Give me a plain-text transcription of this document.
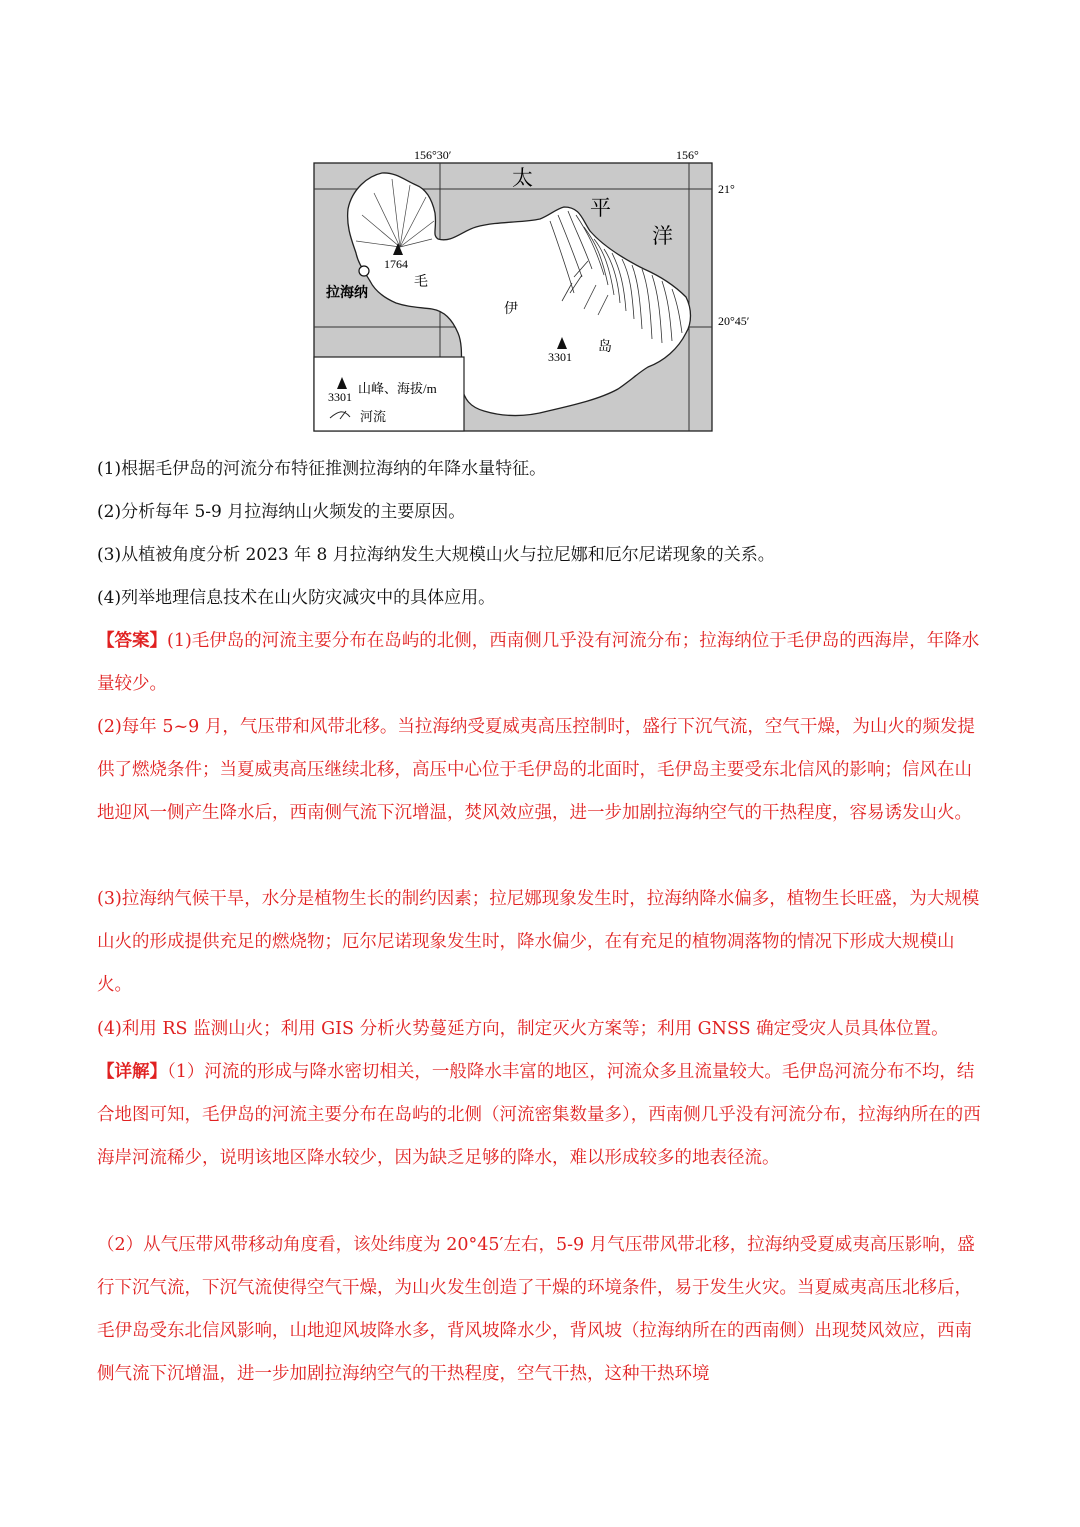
3301
山峰、海拔/m
河流
1764
3301
拉海纳
毛
伊
岛
太
平
洋
156°30′	156°
21°
20°45′
(1)根据毛伊岛的河流分布特征推测拉海纳的年降水量特征。
(2)分析每年 5-9 月拉海纳山火频发的主要原因。
(3)从植被角度分析 2023 年 8 月拉海纳发生大规模山火与拉尼娜和厄尔尼诺现象的关系。
(4)列举地理信息技术在山火防灾减灾中的具体应用。

【答案】(1)毛伊岛的河流主要分布在岛屿的北侧，西南侧几乎没有河流分布；拉海纳位于毛伊岛的西海岸，年降水量较少。

(2)每年 5~9 月，气压带和风带北移。当拉海纳受夏威夷高压控制时，盛行下沉气流，空气干燥，为山火的频发提供了燃烧条件；当夏威夷高压继续北移，高压中心位于毛伊岛的北面时，毛伊岛主要受东北信风的影响；信风在山地迎风一侧产生降水后，西南侧气流下沉增温，焚风效应强，进一步加剧拉海纳空气的干热程度，容易诱发山火。

(3)拉海纳气候干旱，水分是植物生长的制约因素；拉尼娜现象发生时，拉海纳降水偏多，植物生长旺盛，为大规模山火的形成提供充足的燃烧物；厄尔尼诺现象发生时，降水偏少，在有充足的植物凋落物的情况下形成大规模山火。

(4)利用 RS 监测山火；利用 GIS 分析火势蔓延方向，制定灭火方案等；利用 GNSS 确定受灾人员具体位置。

【详解】（1）河流的形成与降水密切相关，一般降水丰富的地区，河流众多且流量较大。毛伊岛河流分布不均，结合地图可知，毛伊岛的河流主要分布在岛屿的北侧（河流密集数量多），西南侧几乎没有河流分布，拉海纳所在的西海岸河流稀少，说明该地区降水较少，因为缺乏足够的降水，难以形成较多的地表径流。

（2）从气压带风带移动角度看，该处纬度为 20°45′左右，5-9 月气压带风带北移，拉海纳受夏威夷高压影响，盛行下沉气流，下沉气流使得空气干燥，为山火发生创造了干燥的环境条件，易于发生火灾。当夏威夷高压北移后，毛伊岛受东北信风影响，山地迎风坡降水多，背风坡降水少，背风坡（拉海纳所在的西南侧）出现焚风效应，西南侧气流下沉增温，进一步加剧拉海纳空气的干热程度，空气干热，这种干热环境
